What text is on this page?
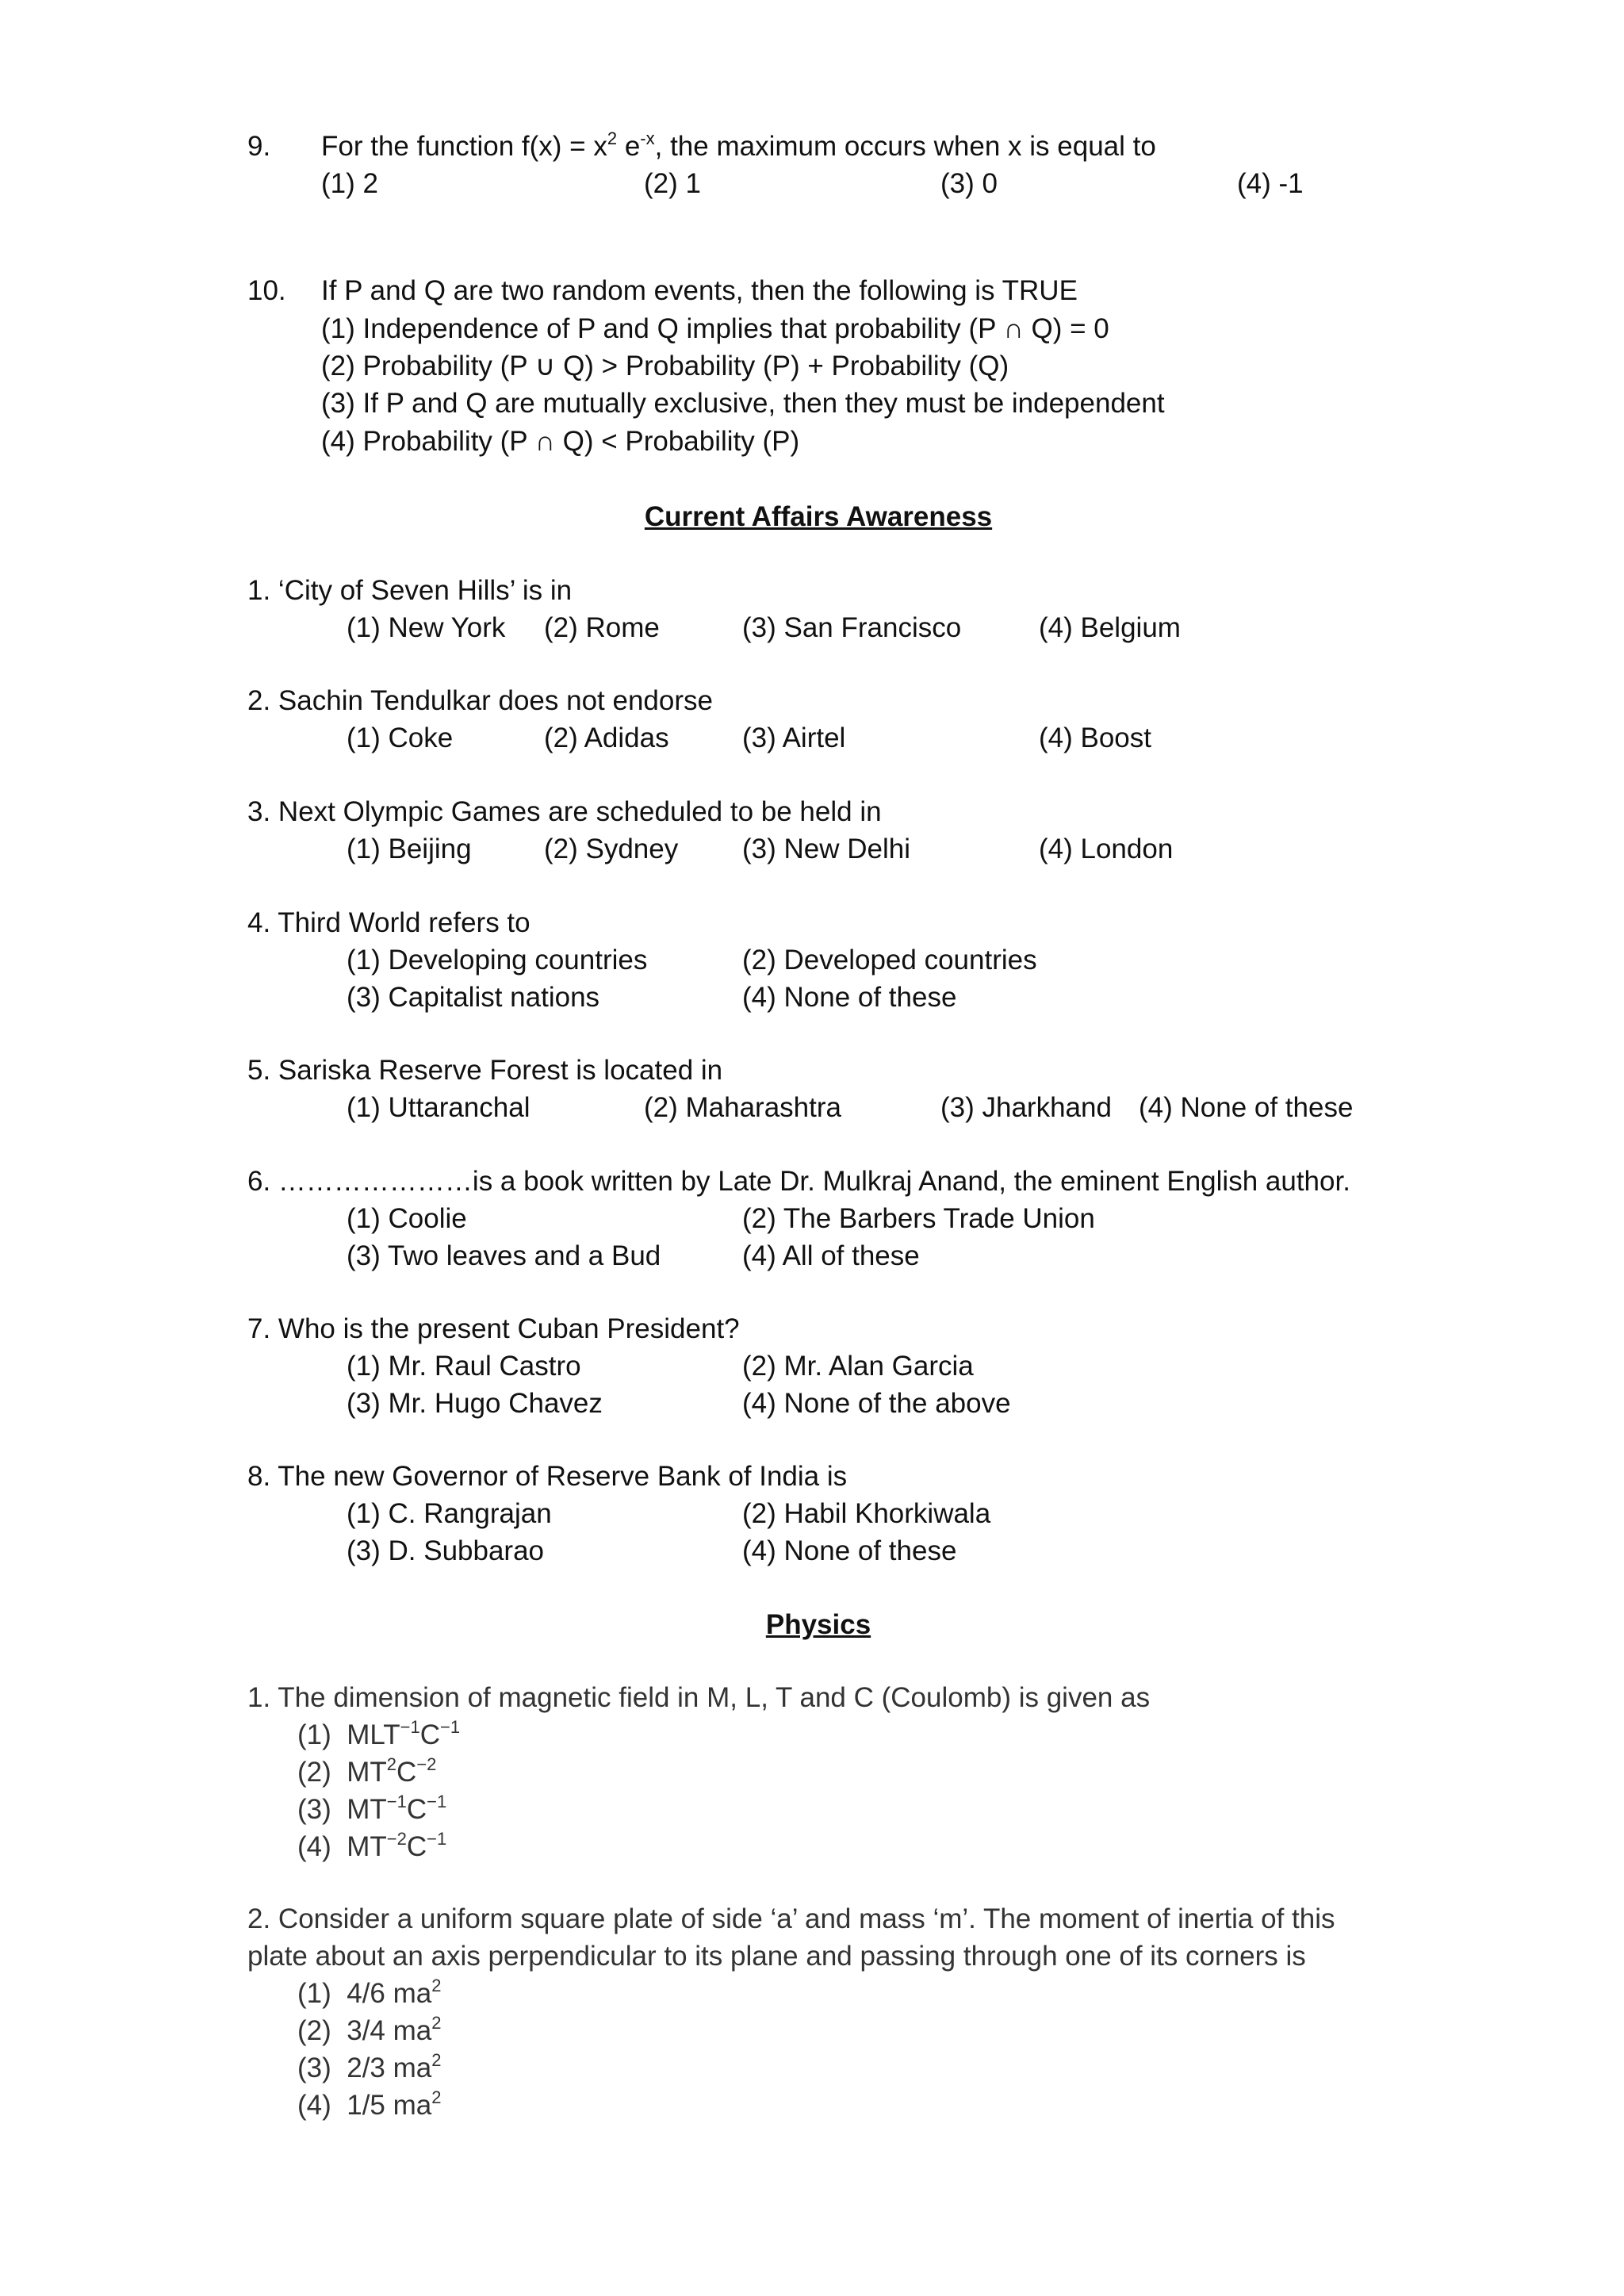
9. For the function $f(x) = x^2$ $e^{-x}$, the maximum occurs when x is equal to
(1) 2	(2) 1	(3) 0	(4) -1
10. If P and Q are two random events, then the following is TRUE
(1) Independence of P and Q implies that probability (P ∩ Q) = 0
(2) Probability (P ∪ Q) > Probability (P) + Probability (Q)
(3) If P and Q are mutually exclusive, then they must be independent
(4) Probability (P ∩ Q) < Probability (P)
Current Affairs Awareness
1. ‘City of Seven Hills’ is in
(1) New York (2) Rome	(3) San Francisco	(4) Belgium
2. Sachin Tendulkar does not endorse
(1) Coke	(2) Adidas	(3) Airtel	(4) Boost
3. Next Olympic Games are scheduled to be held in
(1) Beijing	(2) Sydney (3) New Delhi	(4) London
4. Third World refers to
(1) Developing countries	(2) Developed countries
(3) Capitalist nations	(4) None of these
5. Sariska Reserve Forest is located in
(1) Uttaranchal	(2) Maharashtra	(3) Jharkhand (4) None of these
6. …………………is a book written by Late Dr. Mulkraj Anand, the eminent English author.
(1) Coolie	(2) The Barbers Trade Union
(3) Two leaves and a Bud	(4) All of these
7. Who is the present Cuban President?
(1) Mr. Raul Castro	(2) Mr. Alan Garcia
(3) Mr. Hugo Chavez	(4) None of the above
8. The new Governor of Reserve Bank of India is
(1) C. Rangrajan	(2) Habil Khorkiwala
(3) D. Subbarao	(4) None of these
Physics
1. The dimension of magnetic field in M, L, T and C (Coulomb) is given as
(1) $MLT^{-1}C^{-1}$
(2) $MT^2C^{-2}$
(3) $MT^{-1}C^{-1}$
(4) $MT^{-2}C^{-1}$
2. Consider a uniform square plate of side ‘a’ and mass ‘m’. The moment of inertia of this
plate about an axis perpendicular to its plane and passing through one of its corners is
(1) 4/6 $ma^2$
(2) 3/4 $ma^2$
(3) 2/3 $ma^2$
(4) 1/5 $ma^2$
